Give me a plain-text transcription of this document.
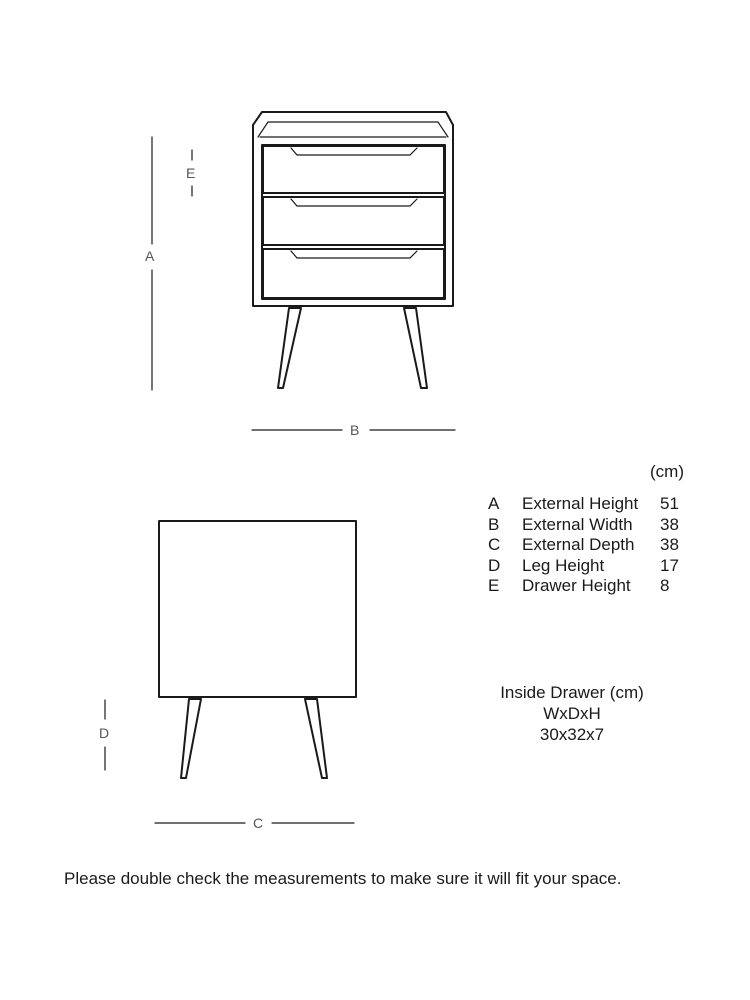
A
E
B
D
C
(cm)
A	External Height	51
B	External Width	38
C	External Depth	38
D	Leg Height	17
E	Drawer Height	8
Inside Drawer (cm)
WxDxH
30x32x7
Please double check the measurements to make sure it will fit your space.
